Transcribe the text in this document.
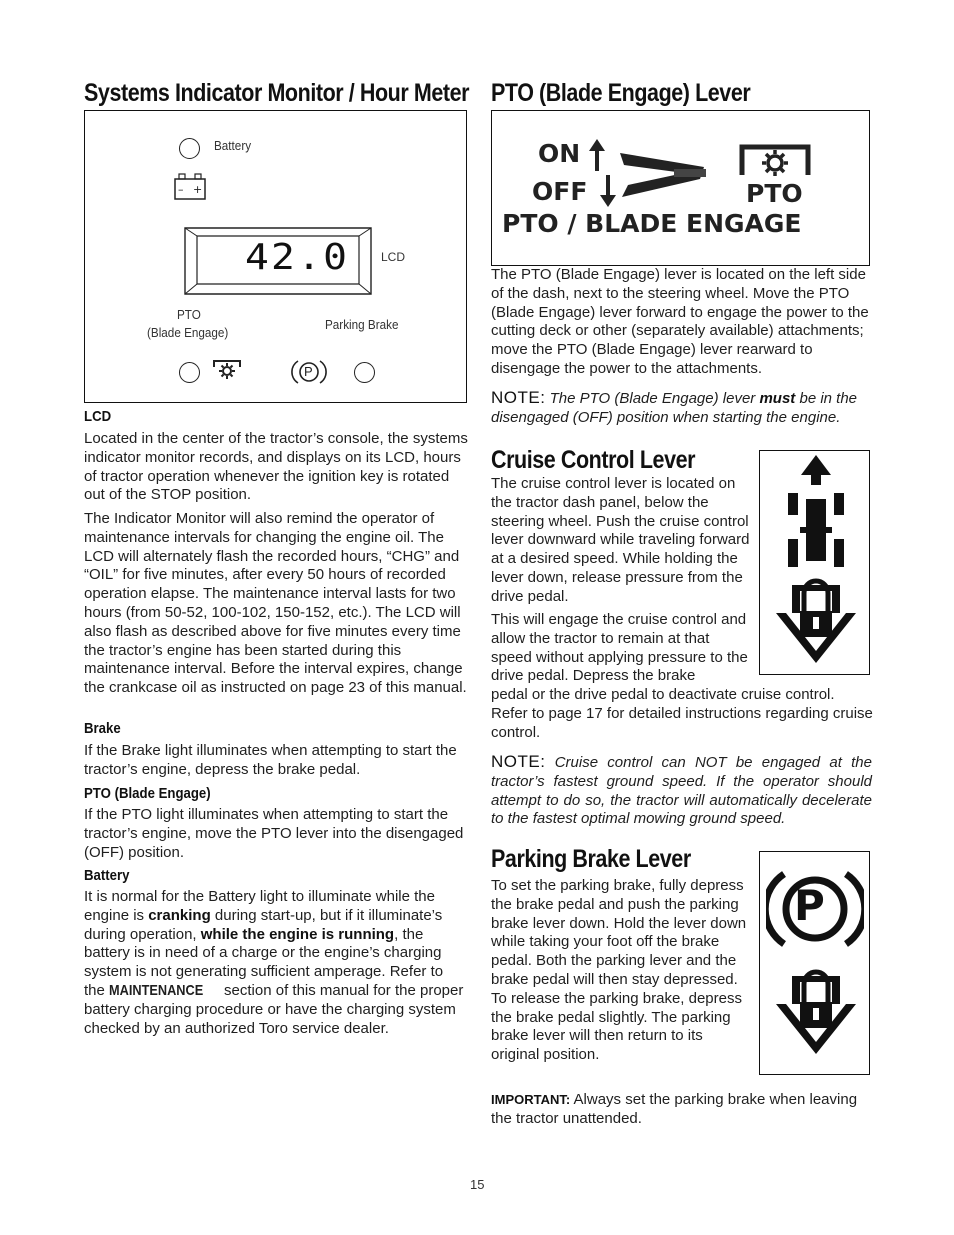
Systems Indicator Monitor / Hour Meter
Battery
– +
42.0	LCD
PTO
(Blade Engage)
Parking Brake
P
LCD

Located in the center of the tractor’s console, the systems indicator monitor records, and displays on its LCD, hours of tractor operation whenever the ignition key is rotated out of the STOP position.

The Indicator Monitor will also remind the operator of maintenance intervals for changing the engine oil. The LCD will alternately flash the recorded hours, “CHG” and “OIL” for five minutes, after every 50 hours of recorded operation elapse. The maintenance interval lasts for two hours (from 50-52, 100-102, 150-152, etc.). The LCD will also flash as described above for five minutes every time the tractor’s engine has been started during this maintenance interval. Before the interval expires, change the crankcase oil as instructed on page 23 of this manual.

Brake

If the Brake light illuminates when attempting to start the tractor’s engine, depress the brake pedal.

PTO (Blade Engage)

If the PTO light illuminates when attempting to start the tractor’s engine, move the PTO lever into the disengaged (OFF) position.

Battery

It is normal for the Battery light to illuminate while the engine is cranking during start-up, but if it illuminate’s during operation, while the engine is running, the battery is in need of a charge or the engine’s charging system is not generating sufficient amperage. Refer to the MAINTENANCE section of this manual for the proper battery charging procedure or have the charging system checked by an authorized Toro service dealer.

PTO (Blade Engage) Lever
ON
OFF	PTO
PTO / BLADE ENGAGE

The PTO (Blade Engage) lever is located on the left side of the dash, next to the steering wheel. Move the PTO (Blade Engage) lever forward to engage the power to the cutting deck or other (separately available) attachments; move the PTO (Blade Engage) lever rearward to disengage the power to the attachments.

NOTE: The PTO (Blade Engage) lever must be in the disengaged (OFF) position when starting the engine.

Cruise Control Lever

The cruise control lever is located on the tractor dash panel, below the steering wheel. Push the cruise control lever downward while traveling forward at a desired speed. While holding the lever down, release pressure from the drive pedal.

This will engage the cruise control and allow the tractor to remain at that speed without applying pressure to the drive pedal. Depress the brake

pedal or the drive pedal to deactivate cruise control. Refer to page 17 for detailed instructions regarding cruise control.

NOTE: Cruise control can NOT be engaged at the tractor’s fastest ground speed. If the operator should attempt to do so, the tractor will automatically decelerate to the fastest optimal mowing ground speed.

Parking Brake Lever

To set the parking brake, fully depress the brake pedal and push the parking brake lever down. Hold the lever down while taking your foot off the brake pedal. Both the parking lever and the brake pedal will then stay depressed. To release the parking brake, depress the brake pedal slightly. The parking brake lever will then return to its original position.

P

IMPORTANT: Always set the parking brake when leaving the tractor unattended.

15
